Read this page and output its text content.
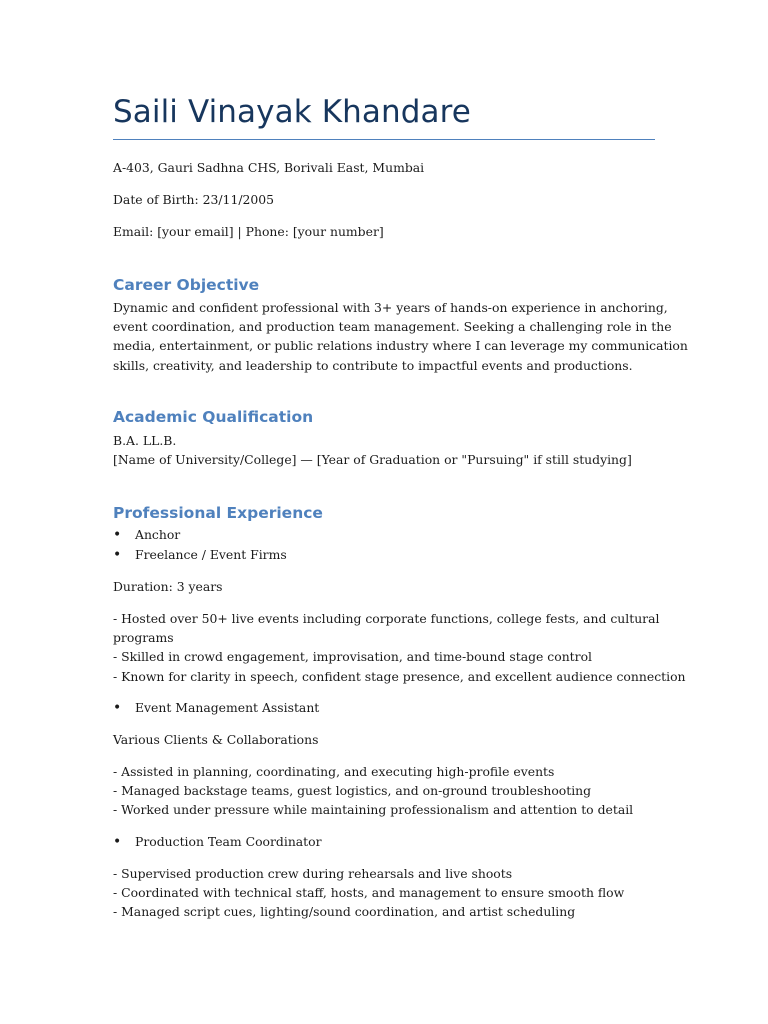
Saili Vinayak Khandare
A-403, Gauri Sadhna CHS, Borivali East, Mumbai
Date of Birth: 23/11/2005
Email: [your email] | Phone: [your number]
Career Objective

Dynamic and confident professional with 3+ years of hands-on experience in anchoring,

event coordination, and production team management. Seeking a challenging role in the

media, entertainment, or public relations industry where I can leverage my communication

skills, creativity, and leadership to contribute to impactful events and productions.

Academic Qualification
B.A. LL.B.
[Name of University/College] — [Year of Graduation or "Pursuing" if still studying]
Professional Experience
• Anchor
• Freelance / Event Firms
Duration: 3 years

- Hosted over 50+ live events including corporate functions, college fests, and cultural

programs

- Skilled in crowd engagement, improvisation, and time-bound stage control

- Known for clarity in speech, confident stage presence, and excellent audience connection

• Event Management Assistant
Various Clients & Collaborations

- Assisted in planning, coordinating, and executing high-profile events

- Managed backstage teams, guest logistics, and on-ground troubleshooting

- Worked under pressure while maintaining professionalism and attention to detail

• Production Team Coordinator

- Supervised production crew during rehearsals and live shoots

- Coordinated with technical staff, hosts, and management to ensure smooth flow

- Managed script cues, lighting/sound coordination, and artist scheduling
